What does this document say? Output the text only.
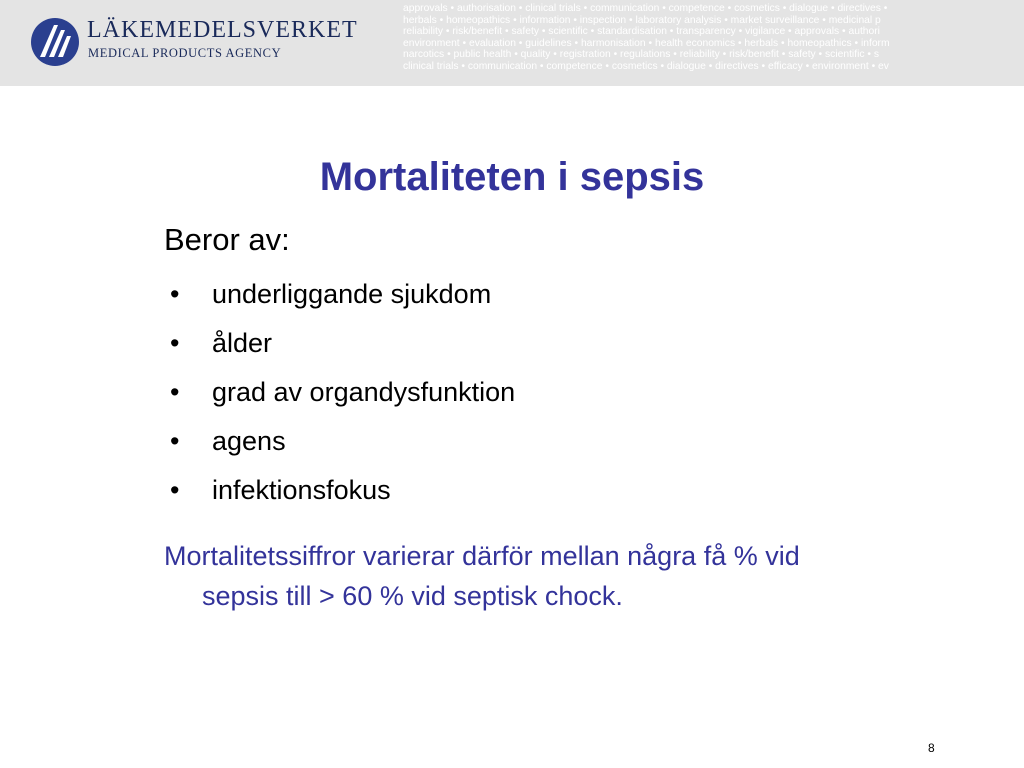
LÄKEMEDELSVERKET
MEDICAL PRODUCTS AGENCY
approvals • authorisation • clinical trials • communication • competence • cosmetics • dialogue • directives •
herbals • homeopathics • information • inspection • laboratory analysis • market surveillance • medicinal p
reliability • risk/benefit • safety • scientific • standardisation • transparency • vigilance • approvals • authori
environment • evaluation • guidelines • harmonisation • health economics • herbals • homeopathics • inform
narcotics • public health • quality • registration • regulations • reliability • risk/benefit • safety • scientific • s
clinical trials • communication • competence • cosmetics • dialogue • directives • efficacy • environment • ev
Mortaliteten i sepsis
Beror av:
• underliggande sjukdom
• ålder
• grad av organdysfunktion
• agens
• infektionsfokus
Mortalitetssiffror varierar därför mellan några få % vid sepsis till > 60 % vid septisk chock.
8
